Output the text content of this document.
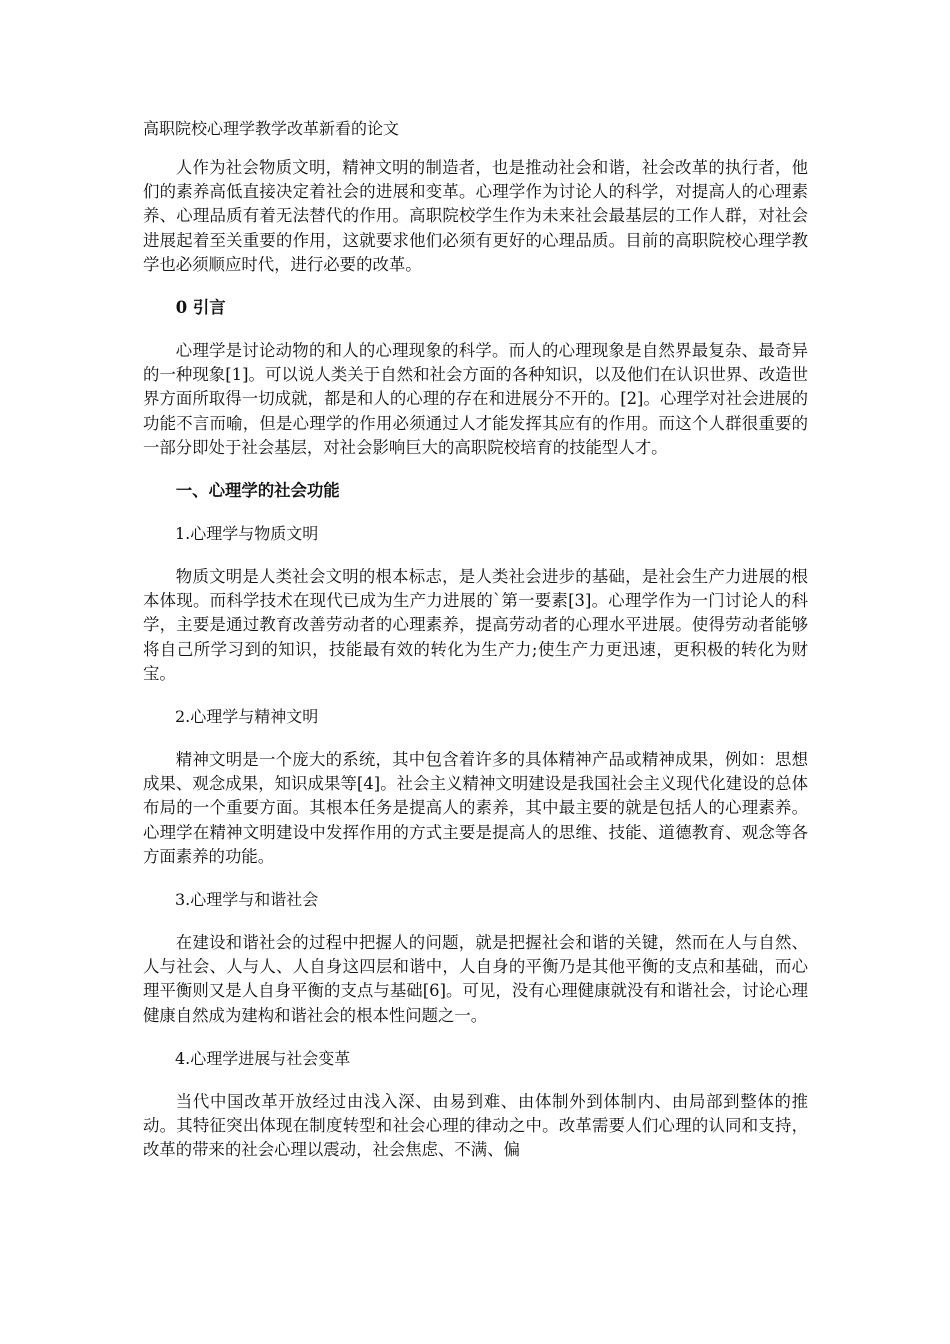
高职院校心理学教学改革新看的论文

人作为社会物质文明，精神文明的制造者，也是推动社会和谐，社会改革的执行者，他们的素养高低直接决定着社会的进展和变革。心理学作为讨论人的科学，对提高人的心理素养、心理品质有着无法替代的作用。高职院校学生作为未来社会最基层的工作人群，对社会进展起着至关重要的作用，这就要求他们必须有更好的心理品质。目前的高职院校心理学教学也必须顺应时代，进行必要的改革。

0 引言

心理学是讨论动物的和人的心理现象的科学。而人的心理现象是自然界最复杂、最奇异的一种现象[1]。可以说人类关于自然和社会方面的各种知识，以及他们在认识世界、改造世界方面所取得一切成就，都是和人的心理的存在和进展分不开的。[2]。心理学对社会进展的功能不言而喻，但是心理学的作用必须通过人才能发挥其应有的作用。而这个人群很重要的一部分即处于社会基层，对社会影响巨大的高职院校培育的技能型人才。

一、心理学的社会功能
1.心理学与物质文明

物质文明是人类社会文明的根本标志，是人类社会进步的基础，是社会生产力进展的根本体现。而科学技术在现代已成为生产力进展的`第一要素[3]。心理学作为一门讨论人的科学，主要是通过教育改善劳动者的心理素养，提高劳动者的心理水平进展。使得劳动者能够将自己所学习到的知识，技能最有效的转化为生产力;使生产力更迅速，更积极的转化为财宝。

2.心理学与精神文明

精神文明是一个庞大的系统，其中包含着许多的具体精神产品或精神成果，例如：思想成果、观念成果，知识成果等[4]。社会主义精神文明建设是我国社会主义现代化建设的总体布局的一个重要方面。其根本任务是提高人的素养，其中最主要的就是包括人的心理素养。心理学在精神文明建设中发挥作用的方式主要是提高人的思维、技能、道德教育、观念等各方面素养的功能。

3.心理学与和谐社会

在建设和谐社会的过程中把握人的问题，就是把握社会和谐的关键，然而在人与自然、人与社会、人与人、人自身这四层和谐中，人自身的平衡乃是其他平衡的支点和基础，而心理平衡则又是人自身平衡的支点与基础[6]。可见，没有心理健康就没有和谐社会，讨论心理健康自然成为建构和谐社会的根本性问题之一。

4.心理学进展与社会变革

当代中国改革开放经过由浅入深、由易到难、由体制外到体制内、由局部到整体的推动。其特征突出体现在制度转型和社会心理的律动之中。改革需要人们心理的认同和支持，改革的带来的社会心理以震动，社会焦虑、不满、偏
